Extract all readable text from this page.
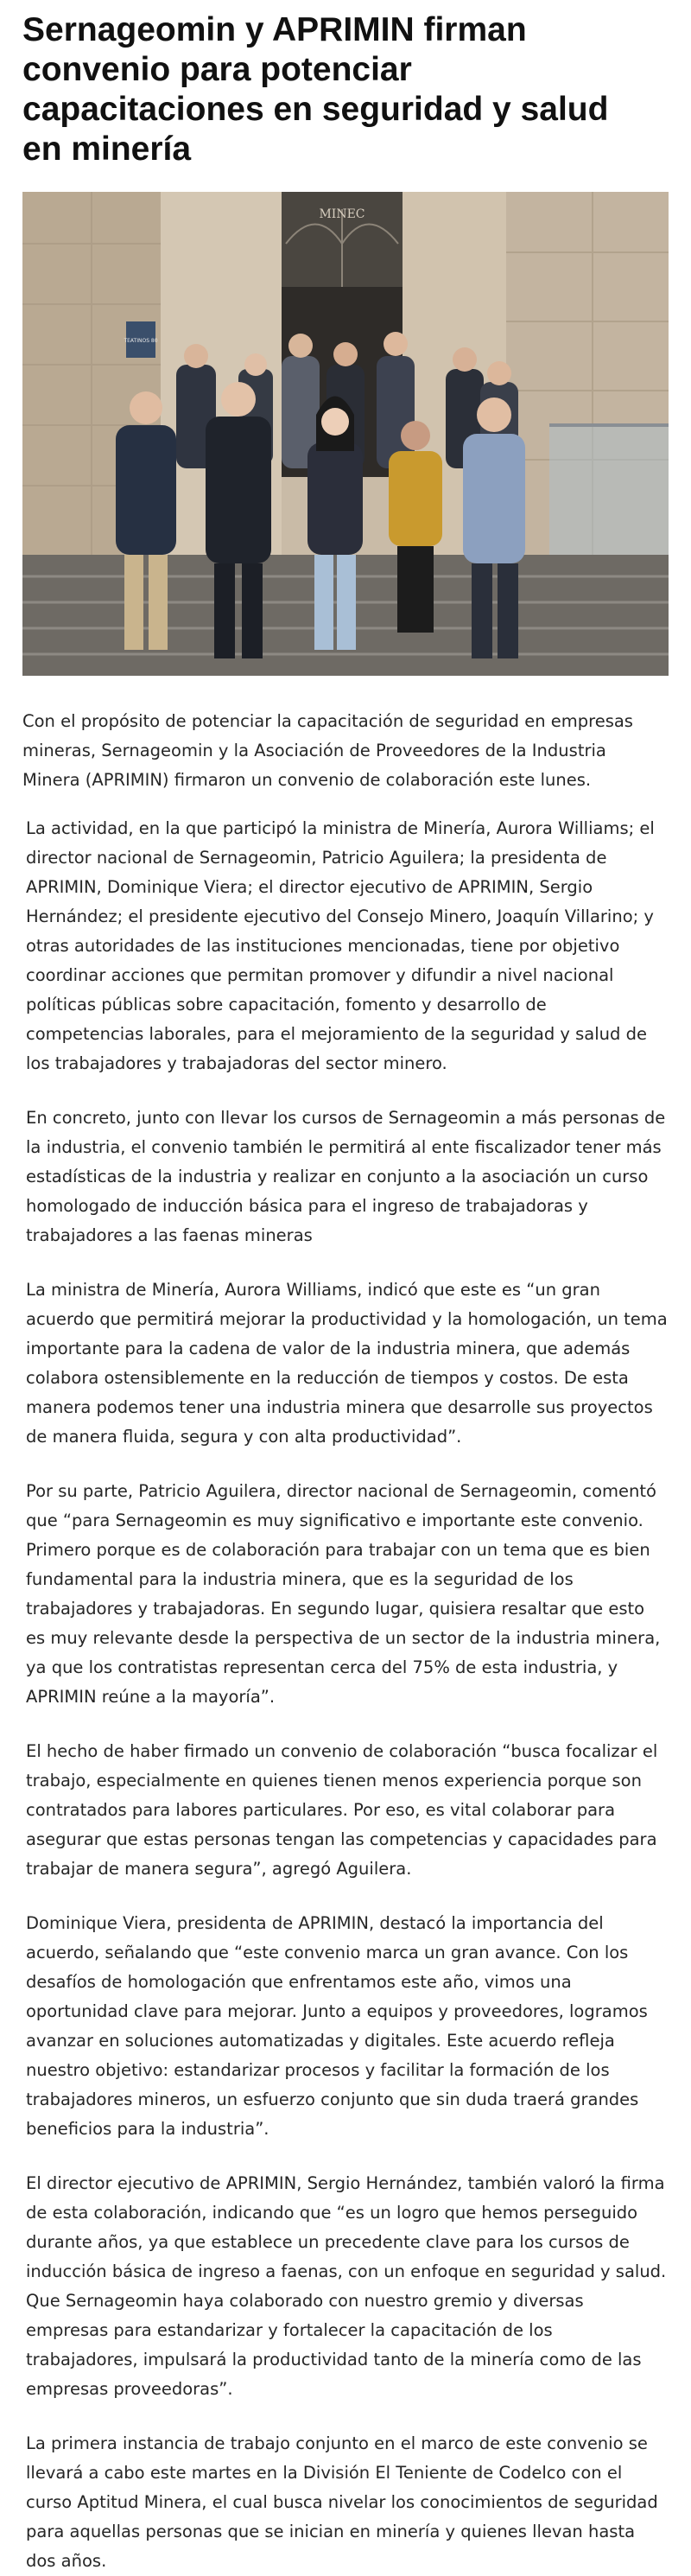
Sernageomin y APRIMIN firman convenio para potenciar capacitaciones en seguridad y salud en minería
MINEC
TEATINOS 80

Con el propósito de potenciar la capacitación de seguridad en empresas mineras, Sernageomin y la Asociación de Proveedores de la Industria Minera (APRIMIN) firmaron un convenio de colaboración este lunes.

La actividad, en la que participó la ministra de Minería, Aurora Williams; el director nacional de Sernageomin, Patricio Aguilera; la presidenta de APRIMIN, Dominique Viera; el director ejecutivo de APRIMIN, Sergio Hernández; el presidente ejecutivo del Consejo Minero, Joaquín Villarino; y otras autoridades de las instituciones mencionadas, tiene por objetivo coordinar acciones que permitan promover y difundir a nivel nacional políticas públicas sobre capacitación, fomento y desarrollo de competencias laborales, para el mejoramiento de la seguridad y salud de los trabajadores y trabajadoras del sector minero.

En concreto, junto con llevar los cursos de Sernageomin a más personas de la industria, el convenio también le permitirá al ente fiscalizador tener más estadísticas de la industria y realizar en conjunto a la asociación un curso homologado de inducción básica para el ingreso de trabajadoras y trabajadores a las faenas mineras

La ministra de Minería, Aurora Williams, indicó que este es “un gran acuerdo que permitirá mejorar la productividad y la homologación, un tema importante para la cadena de valor de la industria minera, que además colabora ostensiblemente en la reducción de tiempos y costos. De esta manera podemos tener una industria minera que desarrolle sus proyectos de manera fluida, segura y con alta productividad”.

Por su parte, Patricio Aguilera, director nacional de Sernageomin, comentó que “para Sernageomin es muy significativo e importante este convenio. Primero porque es de colaboración para trabajar con un tema que es bien fundamental para la industria minera, que es la seguridad de los trabajadores y trabajadoras. En segundo lugar, quisiera resaltar que esto es muy relevante desde la perspectiva de un sector de la industria minera, ya que los contratistas representan cerca del 75% de esta industria, y APRIMIN reúne a la mayoría”.

El hecho de haber firmado un convenio de colaboración “busca focalizar el trabajo, especialmente en quienes tienen menos experiencia porque son contratados para labores particulares. Por eso, es vital colaborar para asegurar que estas personas tengan las competencias y capacidades para trabajar de manera segura”, agregó Aguilera.

Dominique Viera, presidenta de APRIMIN, destacó la importancia del acuerdo, señalando que “este convenio marca un gran avance. Con los desafíos de homologación que enfrentamos este año, vimos una oportunidad clave para mejorar. Junto a equipos y proveedores, logramos avanzar en soluciones automatizadas y digitales. Este acuerdo refleja nuestro objetivo: estandarizar procesos y facilitar la formación de los trabajadores mineros, un esfuerzo conjunto que sin duda traerá grandes beneficios para la industria”.

El director ejecutivo de APRIMIN, Sergio Hernández, también valoró la firma de esta colaboración, indicando que “es un logro que hemos perseguido durante años, ya que establece un precedente clave para los cursos de inducción básica de ingreso a faenas, con un enfoque en seguridad y salud. Que Sernageomin haya colaborado con nuestro gremio y diversas empresas para estandarizar y fortalecer la capacitación de los trabajadores, impulsará la productividad tanto de la minería como de las empresas proveedoras”.

La primera instancia de trabajo conjunto en el marco de este convenio se llevará a cabo este martes en la División El Teniente de Codelco con el curso Aptitud Minera, el cual busca nivelar los conocimientos de seguridad para aquellas personas que se inician en minería y quienes llevan hasta dos años.
